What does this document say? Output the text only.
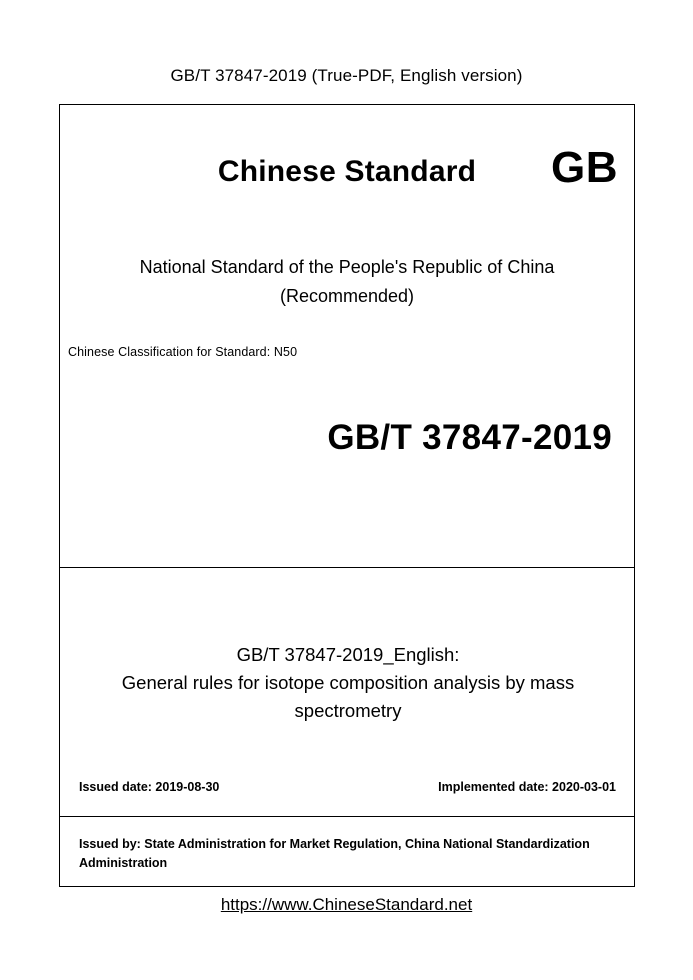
GB/T 37847-2019 (True-PDF, English version)
Chinese Standard	GB
National Standard of the People's Republic of China
(Recommended)
Chinese Classification for Standard: N50
GB/T 37847-2019
GB/T 37847-2019_English:
General rules for isotope composition analysis by mass spectrometry
Issued date: 2019-08-30	Implemented date: 2020-03-01
Issued by: State Administration for Market Regulation, China National Standardization Administration
https://www.ChineseStandard.net
